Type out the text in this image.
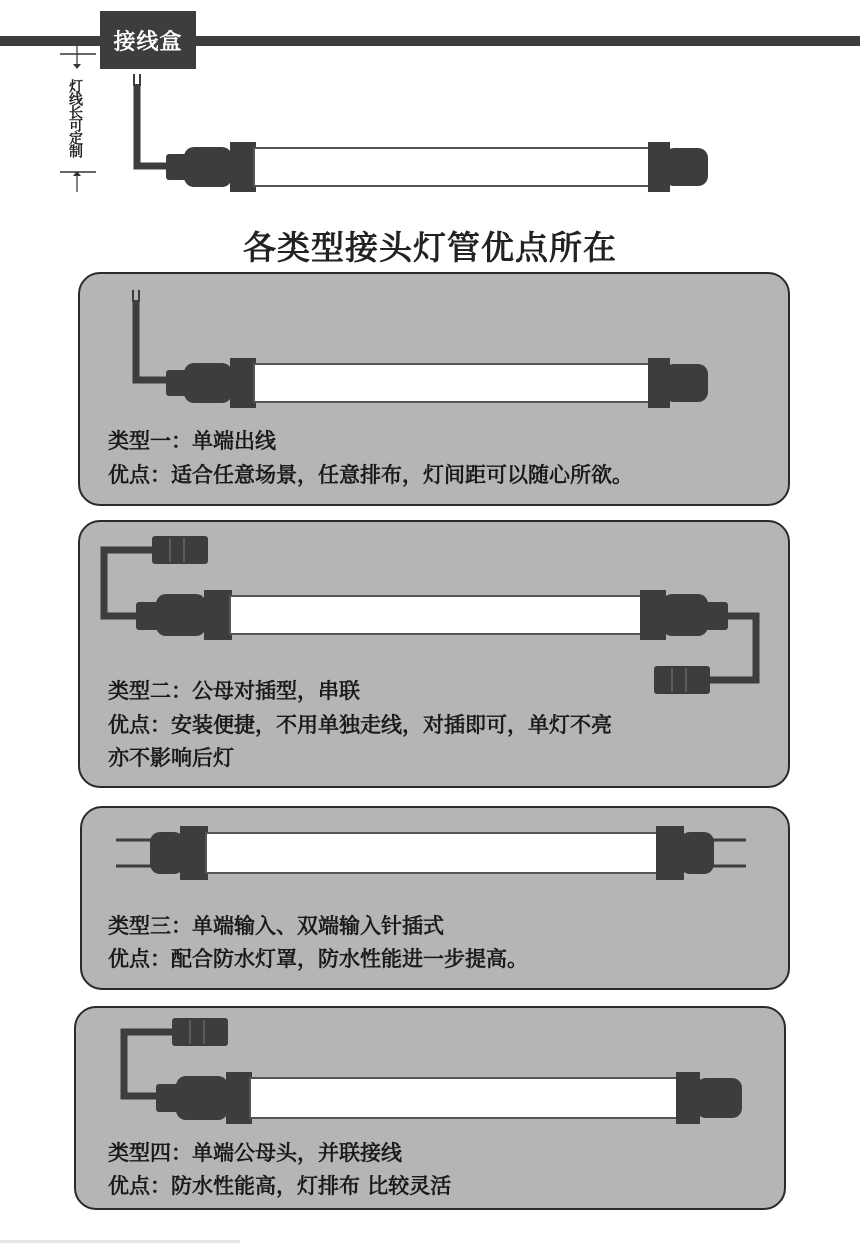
接线盒
灯线长可定制
各类型接头灯管优点所在
类型一：单端出线
优点：适合任意场景，任意排布，灯间距可以随心所欲。
类型二：公母对插型，串联
优点：安装便捷，不用单独走线，对插即可，单灯不亮
亦不影响后灯
类型三：单端输入、双端输入针插式
优点：配合防水灯罩，防水性能进一步提高。
类型四：单端公母头，并联接线
优点：防水性能高，灯排布 比较灵活
